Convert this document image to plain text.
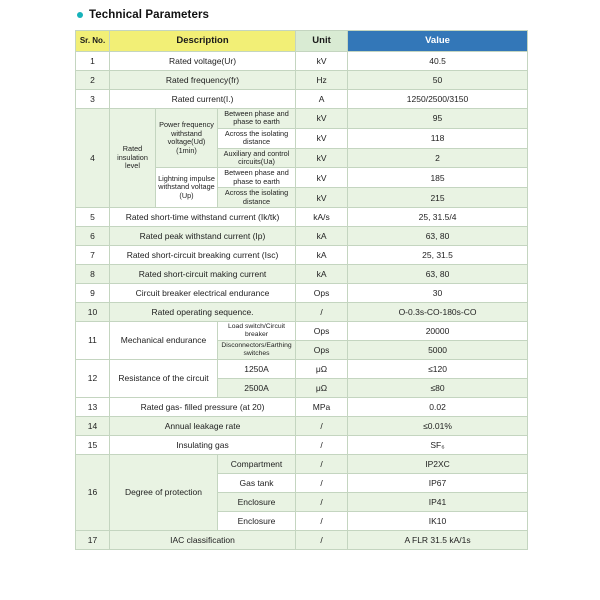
Technical Parameters
Sr. No.	Description			Unit	Value
1	Rated voltage(Ur)			kV	40.5
2	Rated frequency(fr)			Hz	50
3	Rated current(I.)			A	1250/2500/3150
4	Rated insulation level	Power frequency withstand voltage(Ud) (1min)	Between phase and phase to earth	kV	95
			Across the isolating distance	kV	118
			Auxiliary and control circuits(Ua)	kV	2
		Lightning impulse withstand voltage (Up)	Between phase and phase to earth	kV	185
			Across the isolating distance	kV	215
5	Rated short-time withstand current (Ik/tk)			kA/s	25, 31.5/4
6	Rated peak withstand current (Ip)			kA	63, 80
7	Rated short-circuit breaking current (Isc)			kA	25, 31.5
8	Rated short-circuit making current			kA	63, 80
9	Circuit breaker electrical endurance			Ops	30
10	Rated operating sequence.			/	O-0.3s-CO-180s-CO
11	Mechanical endurance		Load switch/Circuit breaker	Ops	20000
			Disconnectors/Earthing switches	Ops	5000
12	Resistance of the circuit		1250A	μΩ	≤120
			2500A	μΩ	≤80
13	Rated gas- filled pressure (at 20)			MPa	0.02
14	Annual leakage rate			/	≤0.01%
15	Insulating gas			/	SF₆
16	Degree of protection		Compartment	/	IP2XC
			Gas tank	/	IP67
			Enclosure	/	IP41
			Enclosure	/	IK10
17	IAC classification			/	A FLR 31.5 kA/1s
